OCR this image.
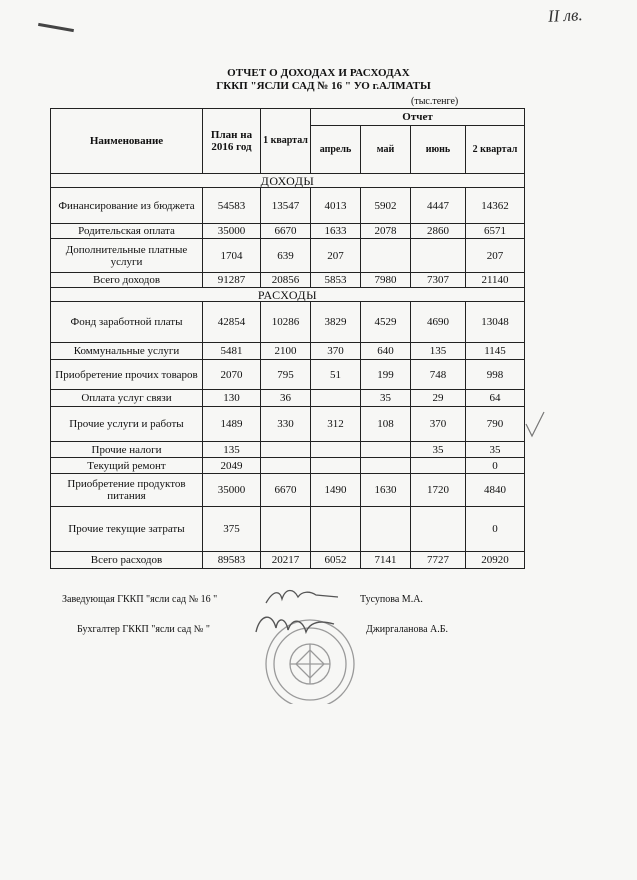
II лв.
ОТЧЕТ О ДОХОДАХ И РАСХОДАХ
ГККП "ЯСЛИ САД № 16 " УО г.АЛМАТЫ
(тыс.тенге)
Наименование	План на 2016 год	1 квартал	Отчет			
			апрель	май	июнь	2 квартал
ДОХОДЫ						
Финансирование из бюджета	54583	13547	4013	5902	4447	14362
Родительская оплата	35000	6670	1633	2078	2860	6571
Дополнительные платные услуги	1704	639	207			207
Всего доходов	91287	20856	5853	7980	7307	21140
РАСХОДЫ						
Фонд заработной платы	42854	10286	3829	4529	4690	13048
Коммунальные услуги	5481	2100	370	640	135	1145
Приобретение прочих товаров	2070	795	51	199	748	998
Оплата услуг связи	130	36		35	29	64
Прочие услуги и работы	1489	330	312	108	370	790
Прочие налоги	135				35	35
Текущий ремонт	2049					0
Приобретение продуктов питания	35000	6670	1490	1630	1720	4840
Прочие текущие затраты	375					0
Всего расходов	89583	20217	6052	7141	7727	20920
Заведующая ГККП "ясли сад № 16 "	Тусупова М.А.
Бухгалтер ГККП "ясли сад № "	Джиргаланова А.Б.
